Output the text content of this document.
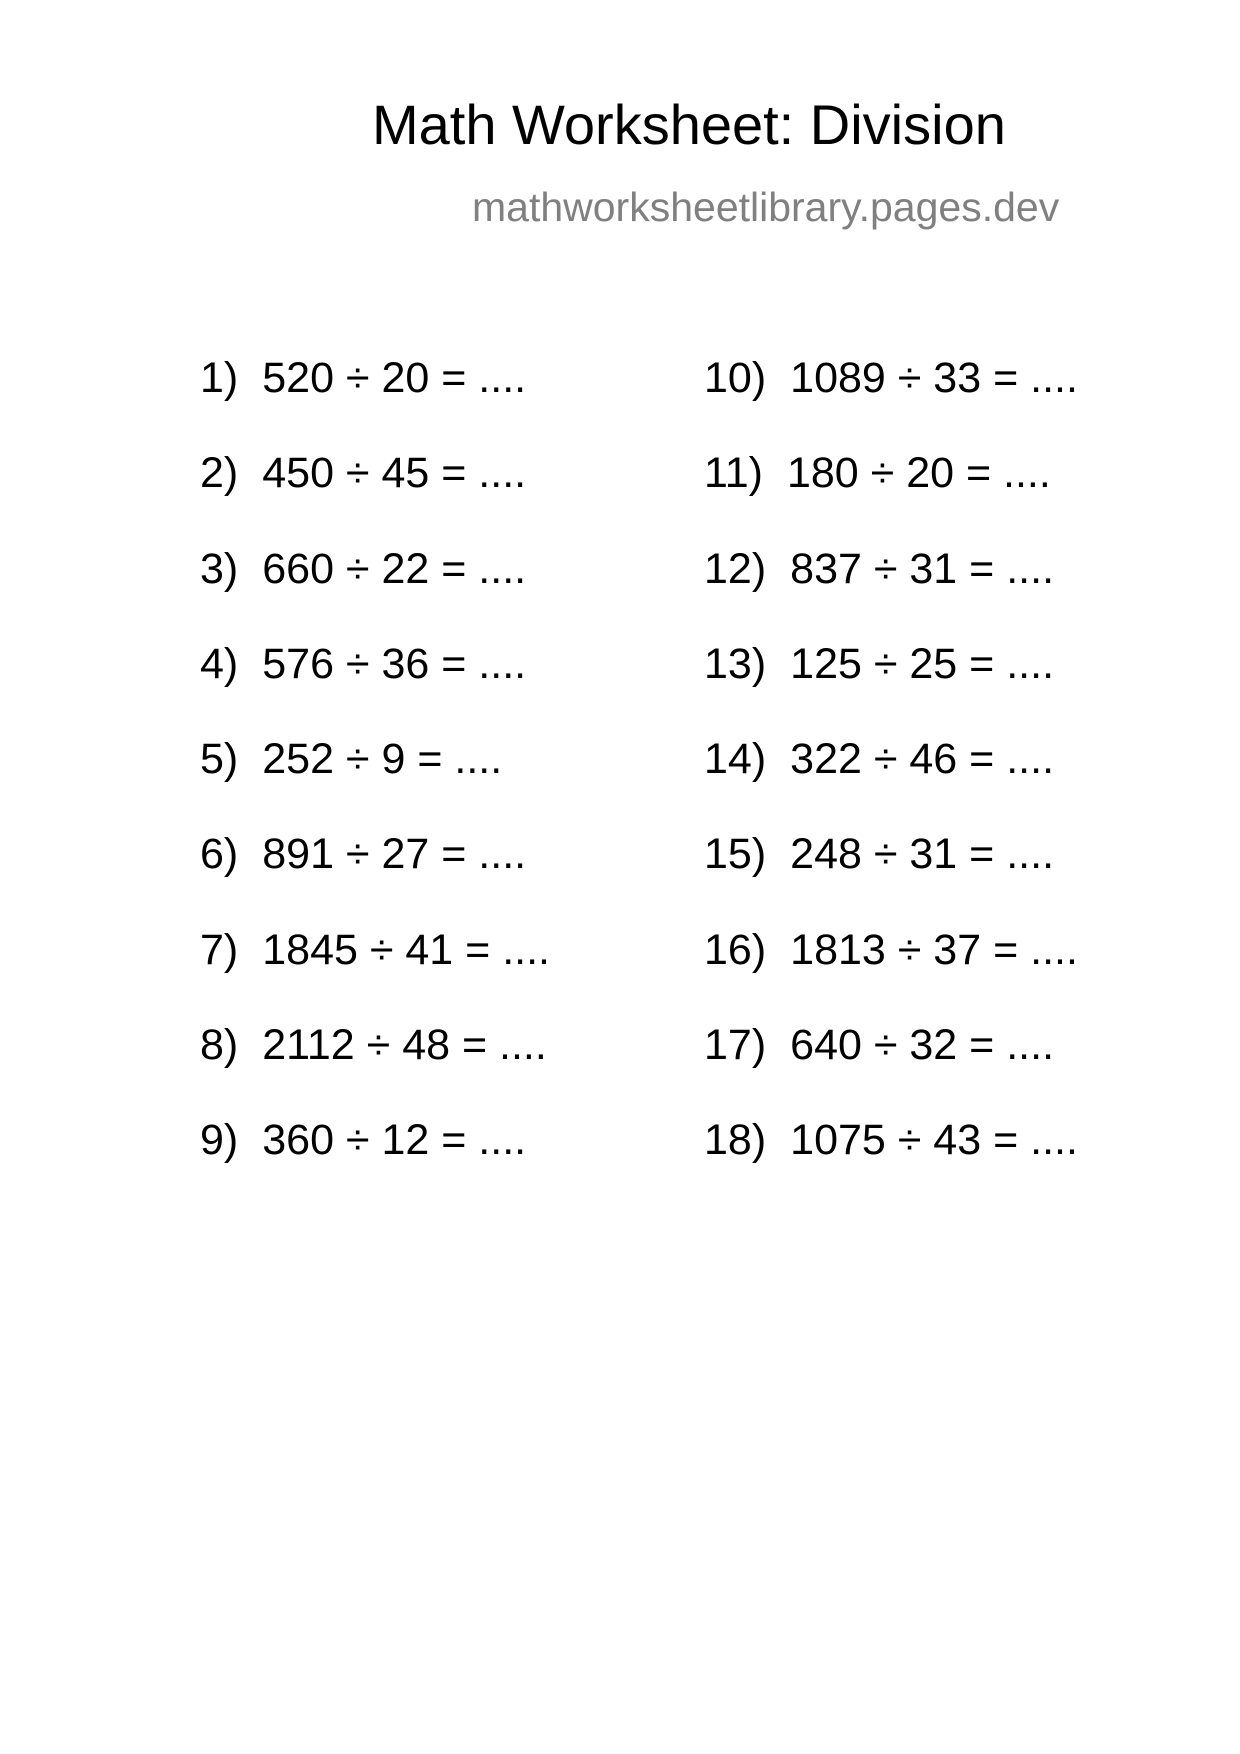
Math Worksheet: Division
mathworksheetlibrary.pages.dev
1) 520 ÷ 20 = ....
2) 450 ÷ 45 = ....
3) 660 ÷ 22 = ....
4) 576 ÷ 36 = ....
5) 252 ÷ 9 = ....
6) 891 ÷ 27 = ....
7) 1845 ÷ 41 = ....
8) 2112 ÷ 48 = ....
9) 360 ÷ 12 = ....
10) 1089 ÷ 33 = ....
11) 180 ÷ 20 = ....
12) 837 ÷ 31 = ....
13) 125 ÷ 25 = ....
14) 322 ÷ 46 = ....
15) 248 ÷ 31 = ....
16) 1813 ÷ 37 = ....
17) 640 ÷ 32 = ....
18) 1075 ÷ 43 = ....
